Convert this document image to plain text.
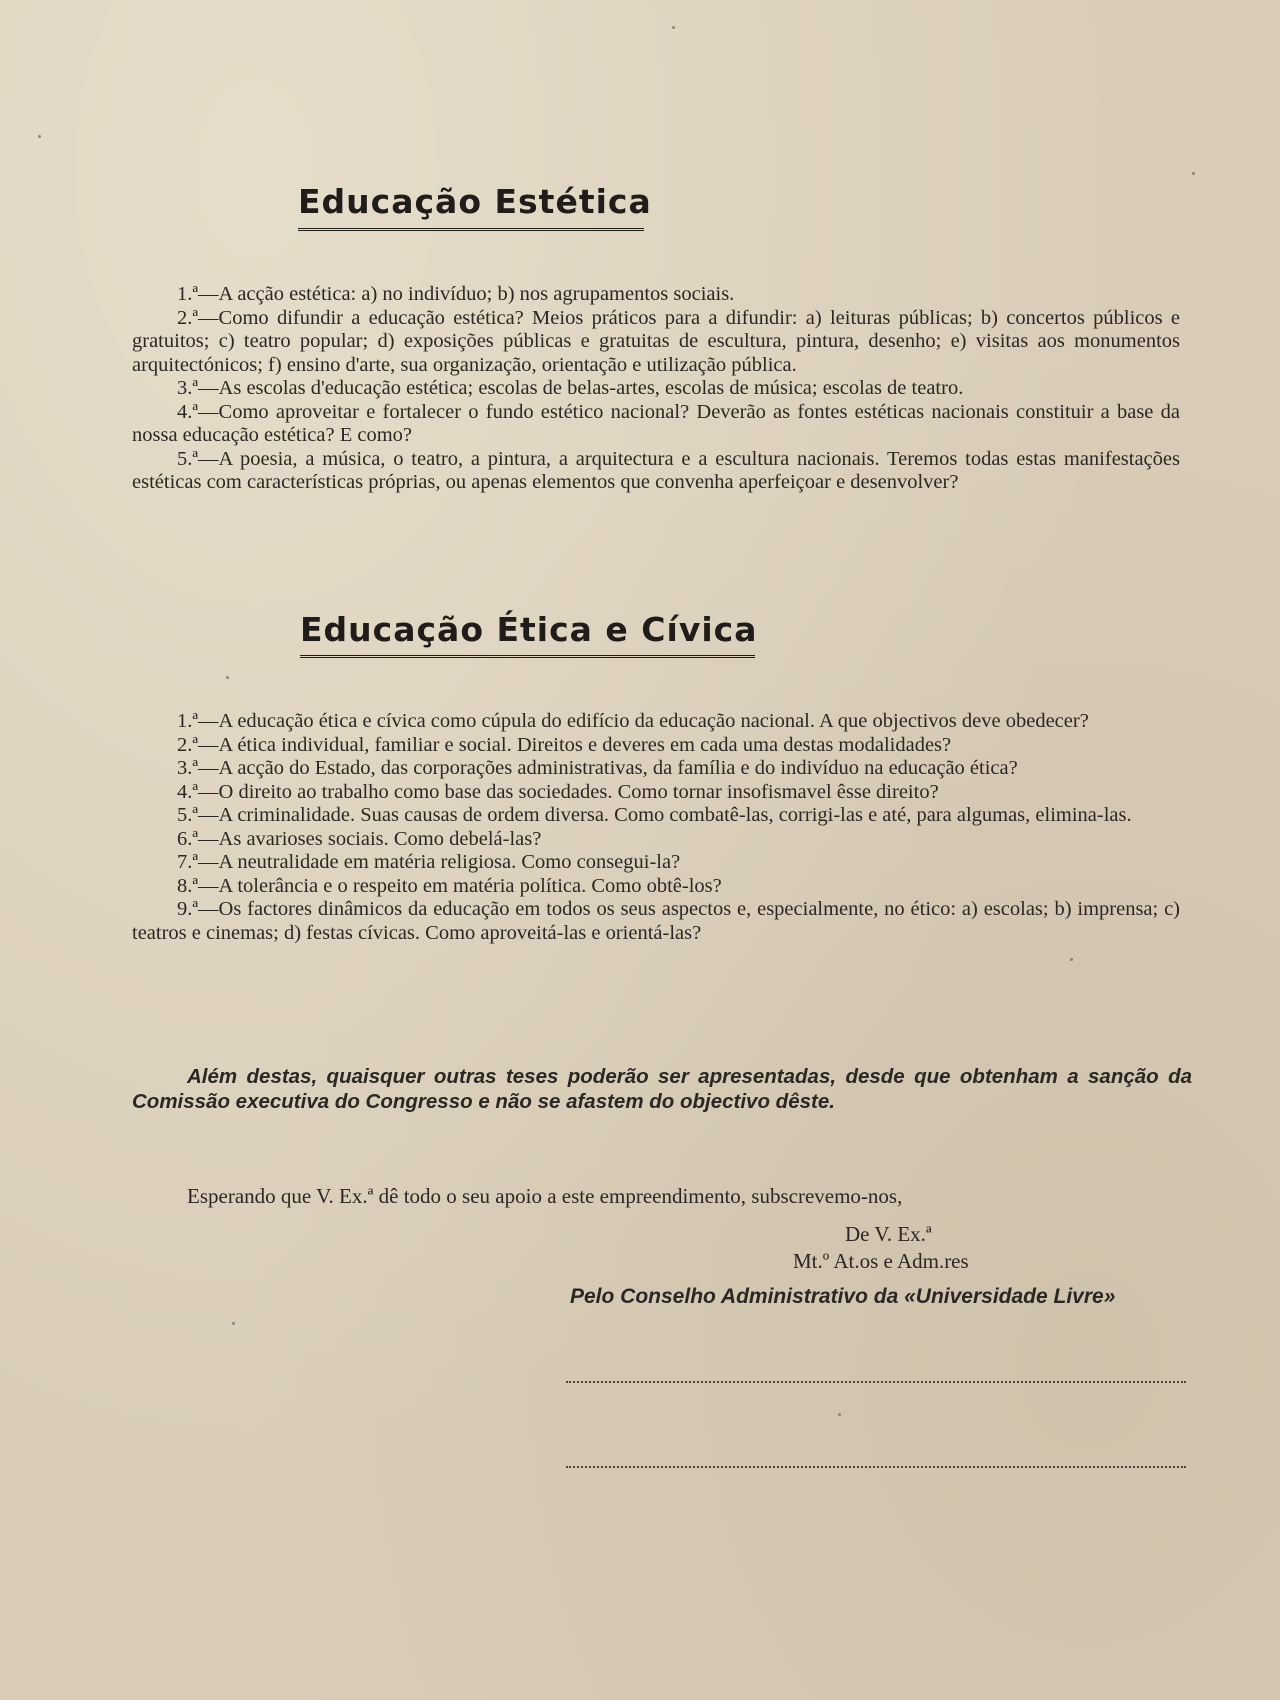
Educação Estética

1.ª—A acção estética: a) no indivíduo; b) nos agrupamentos sociais.

2.ª—Como difundir a educação estética? Meios práticos para a difundir: a) leituras públicas; b) concertos públicos e gratuitos; c) teatro popular; d) exposições públicas e gratuitas de escultura, pintura, desenho; e) visitas aos monumentos arquitectónicos; f) ensino d'arte, sua organização, orientação e utilização pública.

3.ª—As escolas d'educação estética; escolas de belas-artes, escolas de música; escolas de teatro.

4.ª—Como aproveitar e fortalecer o fundo estético nacional? Deverão as fontes estéticas nacionais constituir a base da nossa educação estética? E como?

5.ª—A poesia, a música, o teatro, a pintura, a arquitectura e a escultura nacionais. Teremos todas estas manifestações estéticas com características próprias, ou apenas elementos que convenha aperfeiçoar e desenvolver?

Educação Ética e Cívica

1.ª—A educação ética e cívica como cúpula do edifício da educação nacional. A que objectivos deve obedecer?

2.ª—A ética individual, familiar e social. Direitos e deveres em cada uma destas modalidades?

3.ª—A acção do Estado, das corporações administrativas, da família e do indivíduo na educação ética?

4.ª—O direito ao trabalho como base das sociedades. Como tornar insofismavel êsse direito?

5.ª—A criminalidade. Suas causas de ordem diversa. Como combatê-las, corrigi-las e até, para algumas, elimina-las.

6.ª—As avarioses sociais. Como debelá-las?

7.ª—A neutralidade em matéria religiosa. Como consegui-la?

8.ª—A tolerância e o respeito em matéria política. Como obtê-los?

9.ª—Os factores dinâmicos da educação em todos os seus aspectos e, especialmente, no ético: a) escolas; b) imprensa; c) teatros e cinemas; d) festas cívicas. Como aproveitá-las e orientá-las?

Além destas, quaisquer outras teses poderão ser apresentadas, desde que obtenham a sanção da Comissão executiva do Congresso e não se afastem do objectivo dêste.

Esperando que V. Ex.ª dê todo o seu apoio a este empreendimento, subscrevemo-nos,
De V. Ex.ª
Mt.º At.os e Adm.res
Pelo Conselho Administrativo da «Universidade Livre»
